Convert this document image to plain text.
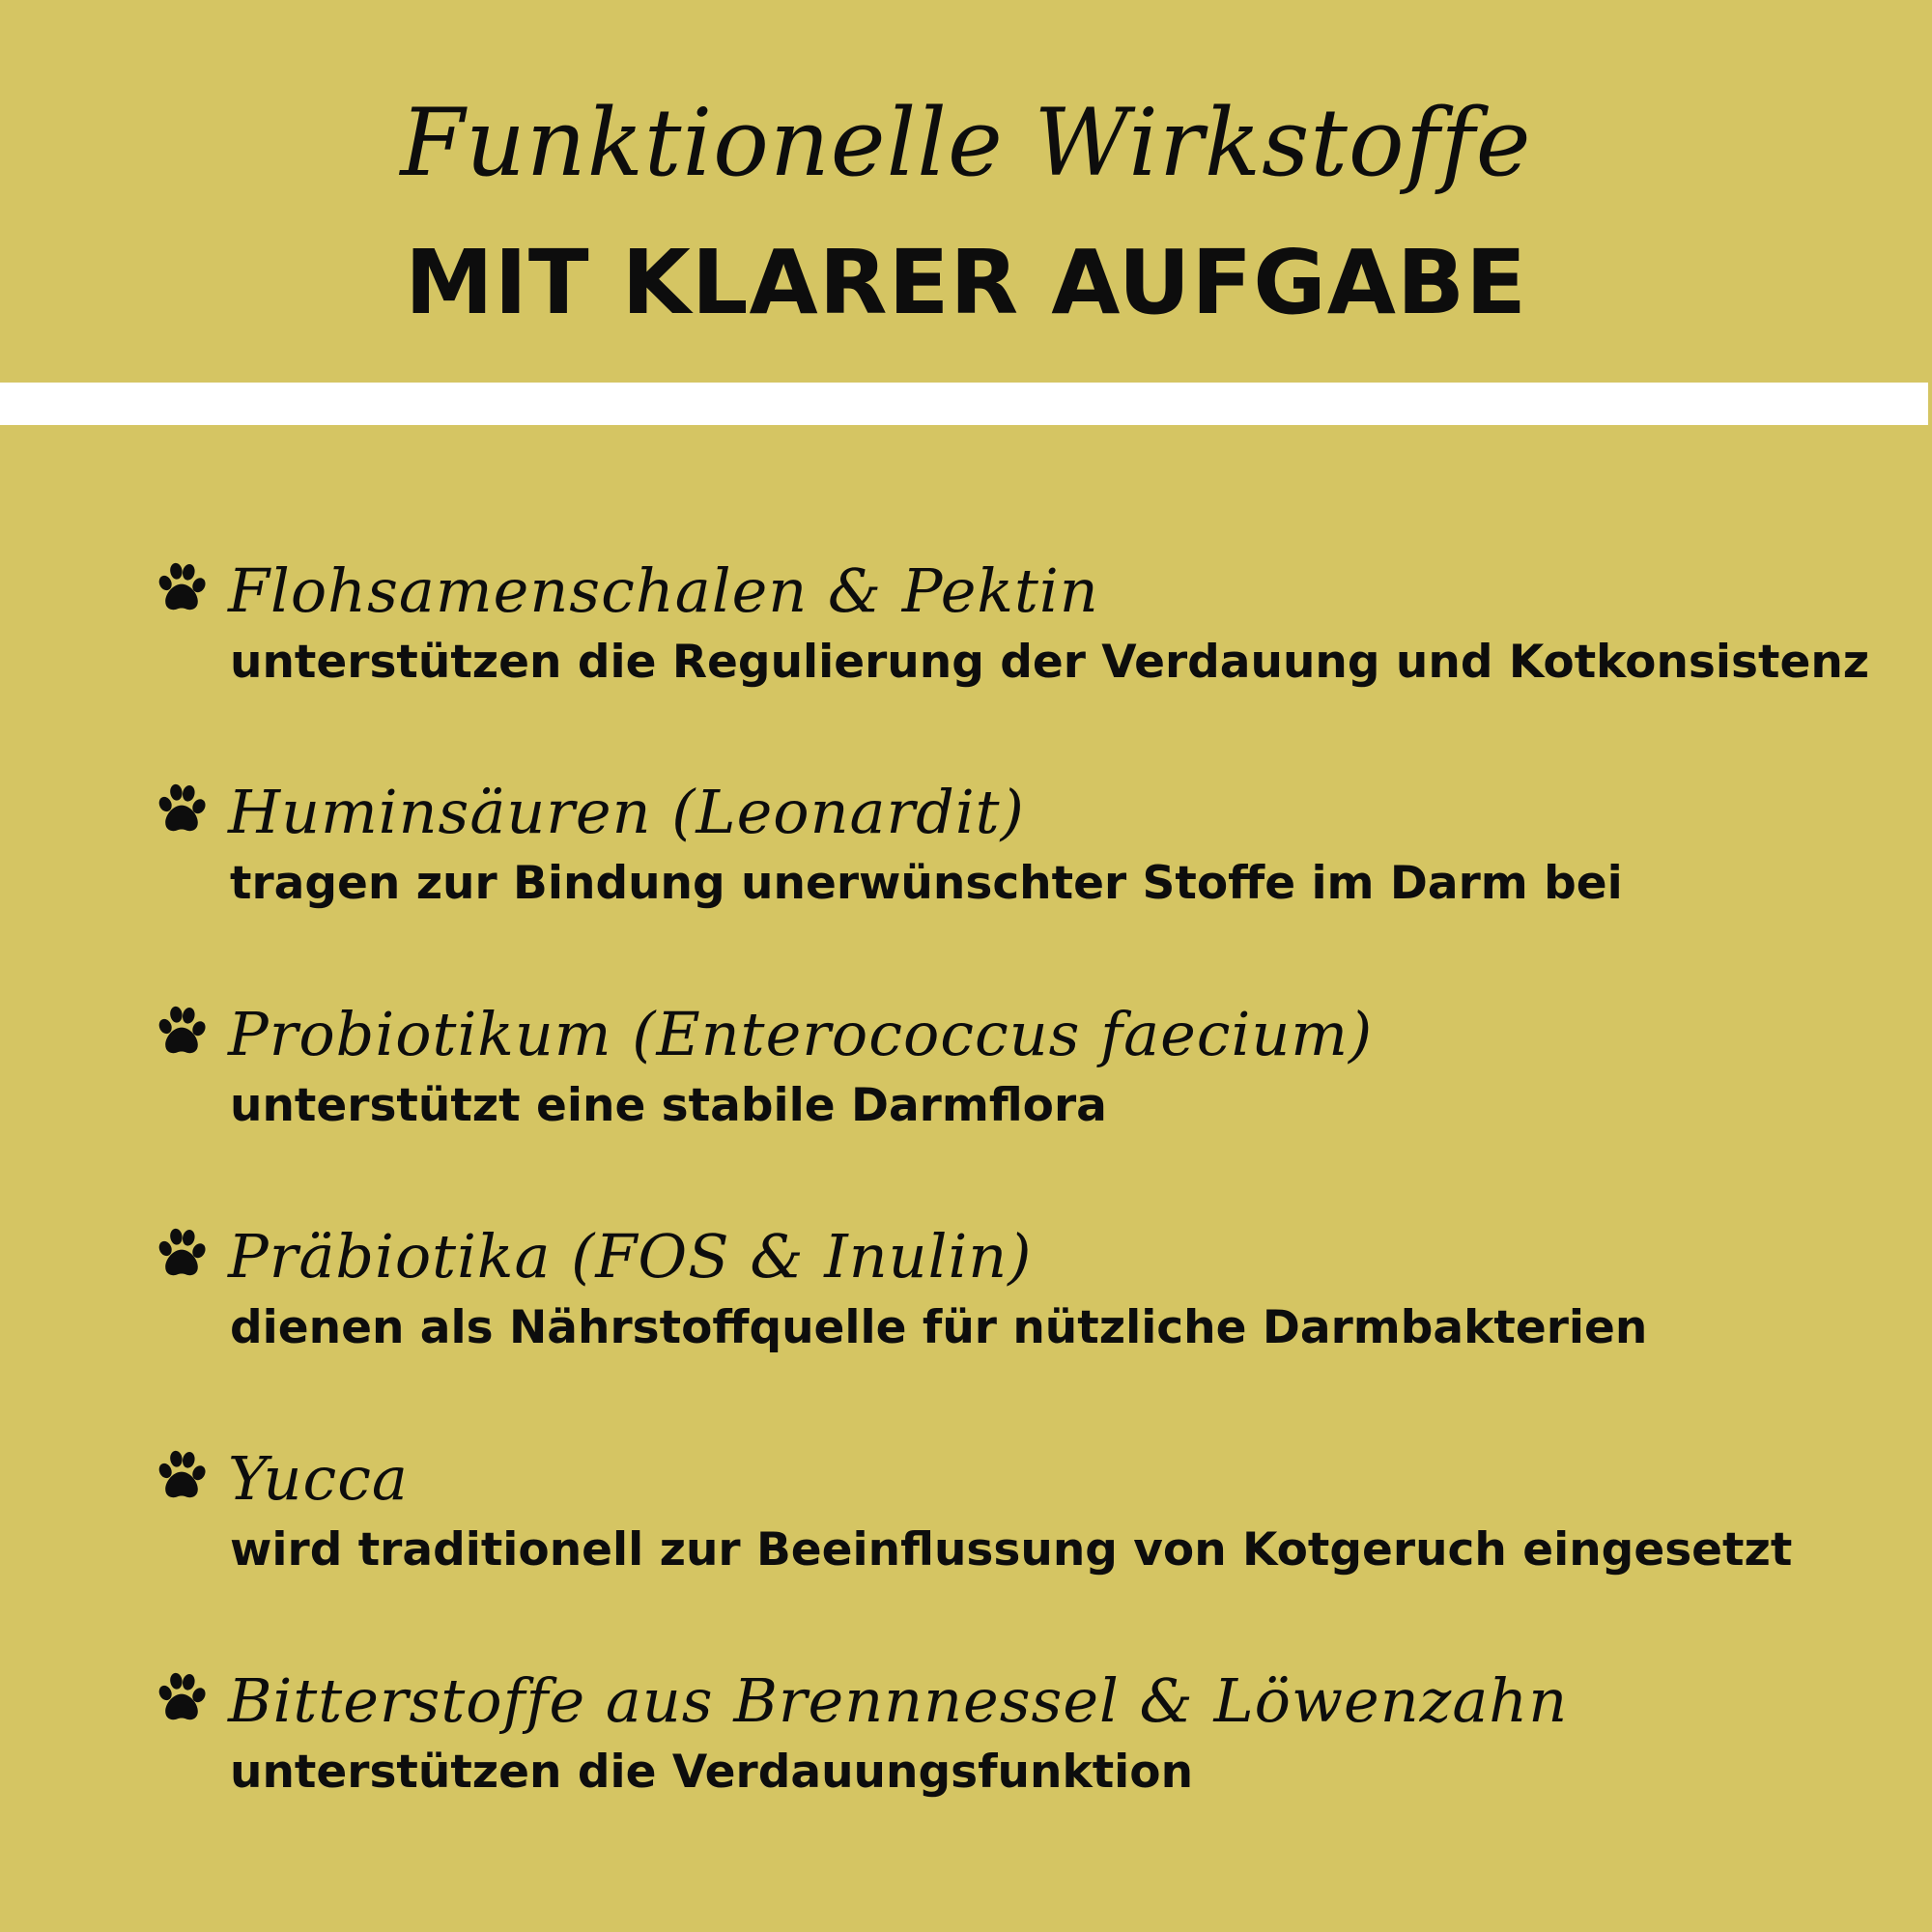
Funktionelle Wirkstoffe
MIT KLARER AUFGABE
Flohsamenschalen & Pektin
unterstützen die Regulierung der Verdauung und Kotkonsistenz
Huminsäuren (Leonardit)
tragen zur Bindung unerwünschter Stoffe im Darm bei
Probiotikum (Enterococcus faecium)
unterstützt eine stabile Darmflora
Präbiotika (FOS & Inulin)
dienen als Nährstoffquelle für nützliche Darmbakterien
Yucca
wird traditionell zur Beeinflussung von Kotgeruch eingesetzt
Bitterstoffe aus Brennnessel & Löwenzahn
unterstützen die Verdauungsfunktion
